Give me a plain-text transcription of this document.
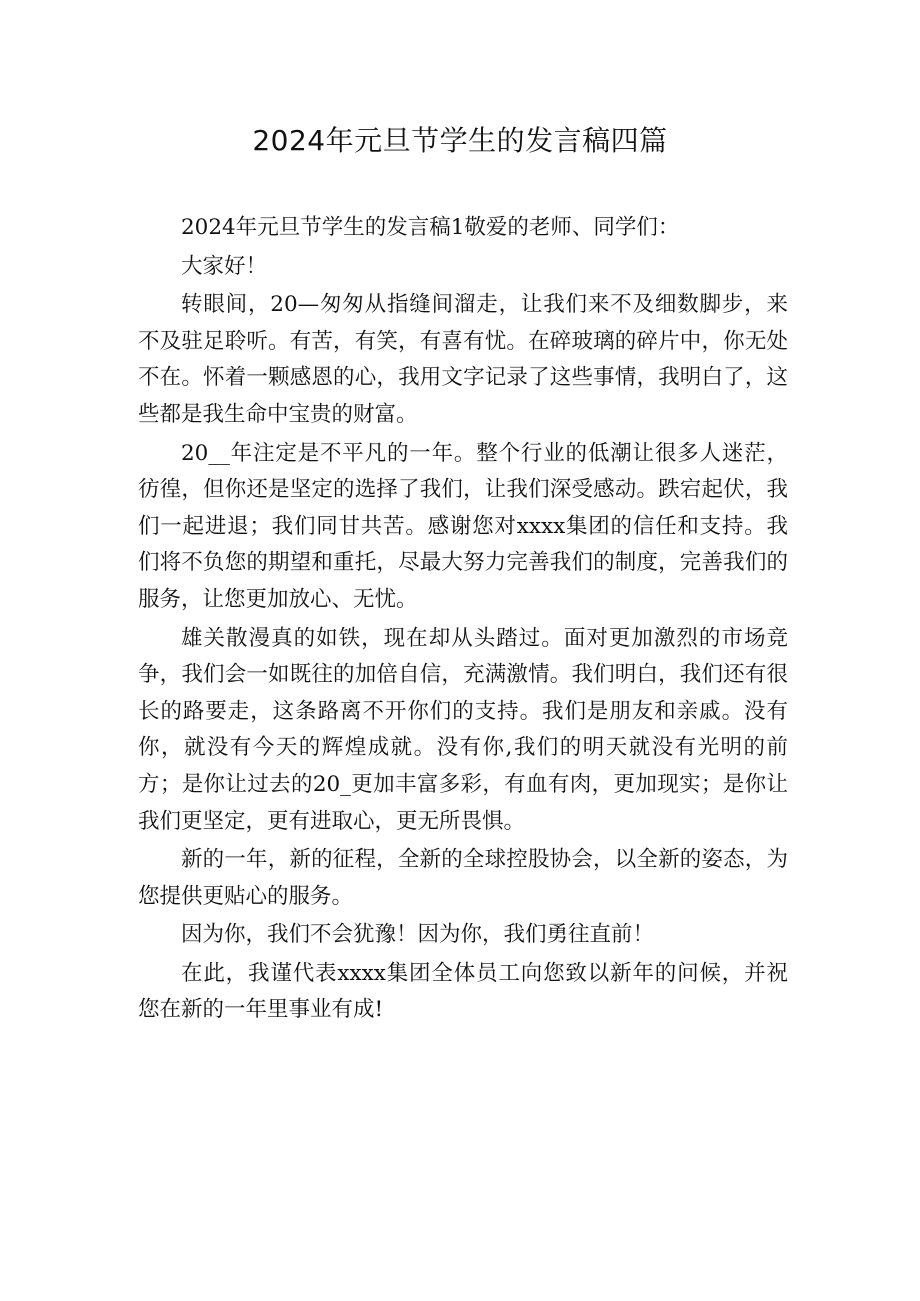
2024年元旦节学生的发言稿四篇

2024年元旦节学生的发言稿1敬爱的老师、同学们：

大家好！

转眼间，20—匆匆从指缝间溜走，让我们来不及细数脚步，来不及驻足聆听。有苦，有笑，有喜有忧。在碎玻璃的碎片中，你无处不在。怀着一颗感恩的心，我用文字记录了这些事情，我明白了，这些都是我生命中宝贵的财富。

20__年注定是不平凡的一年。整个行业的低潮让很多人迷茫，彷徨，但你还是坚定的选择了我们，让我们深受感动。跌宕起伏，我们一起进退；我们同甘共苦。感谢您对xxxx集团的信任和支持。我们将不负您的期望和重托，尽最大努力完善我们的制度，完善我们的服务，让您更加放心、无忧。

雄关散漫真的如铁，现在却从头踏过。面对更加激烈的市场竞争，我们会一如既往的加倍自信，充满激情。我们明白，我们还有很长的路要走，这条路离不开你们的支持。我们是朋友和亲戚。没有你，就没有今天的辉煌成就。没有你,我们的明天就没有光明的前方；是你让过去的20_更加丰富多彩，有血有肉，更加现实；是你让我们更坚定，更有进取心，更无所畏惧。

新的一年，新的征程，全新的全球控股协会，以全新的姿态，为您提供更贴心的服务。

因为你，我们不会犹豫！因为你，我们勇往直前！

在此，我谨代表xxxx集团全体员工向您致以新年的问候，并祝您在新的一年里事业有成!
